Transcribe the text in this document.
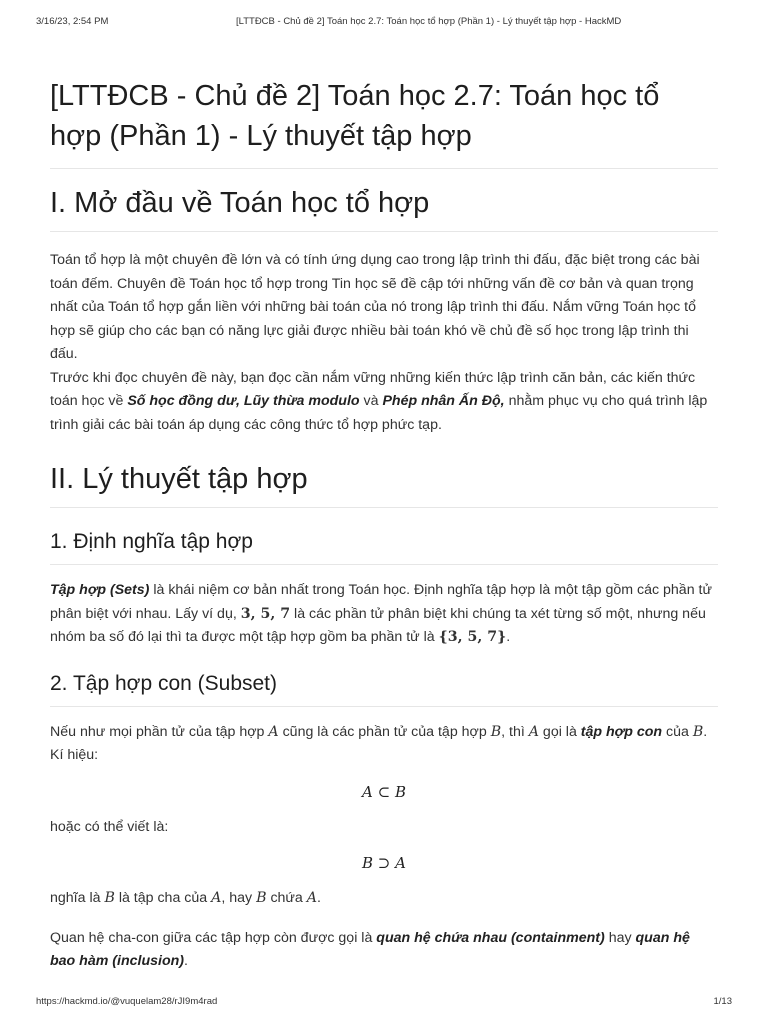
3/16/23, 2:54 PM	[LTTĐCB - Chủ đề 2] Toán học 2.7: Toán học tổ hợp (Phần 1) - Lý thuyết tập hợp - HackMD
[LTTĐCB - Chủ đề 2] Toán học 2.7: Toán học tổ
hợp (Phần 1) - Lý thuyết tập hợp
I. Mở đầu về Toán học tổ hợp

Toán tổ hợp là một chuyên đề lớn và có tính ứng dụng cao trong lập trình thi đấu, đặc biệt trong các bài toán đếm. Chuyên đề Toán học tổ hợp trong Tin học sẽ đề cập tới những vấn đề cơ bản và quan trọng nhất của Toán tổ hợp gắn liền với những bài toán của nó trong lập trình thi đấu. Nắm vững Toán học tổ hợp sẽ giúp cho các bạn có năng lực giải được nhiều bài toán khó về chủ đề số học trong lập trình thi đấu.
Trước khi đọc chuyên đề này, bạn đọc cần nắm vững những kiến thức lập trình căn bản, các kiến thức toán học về Số học đồng dư, Lũy thừa modulo và Phép nhân Ấn Độ, nhằm phục vụ cho quá trình lập trình giải các bài toán áp dụng các công thức tổ hợp phức tạp.

II. Lý thuyết tập hợp
1. Định nghĩa tập hợp

Tập hợp (Sets) là khái niệm cơ bản nhất trong Toán học. Định nghĩa tập hợp là một tập gồm các phần tử phân biệt với nhau. Lấy ví dụ, 3, 5, 7 là các phần tử phân biệt khi chúng ta xét từng số một, nhưng nếu nhóm ba số đó lại thì ta được một tập hợp gồm ba phần tử là {3, 5, 7}.

2. Tập hợp con (Subset)

Nếu như mọi phần tử của tập hợp A cũng là các phần tử của tập hợp B, thì A gọi là tập hợp con của B. Kí hiệu:

A ⊂ B

hoặc có thể viết là:

B ⊃ A

nghĩa là B là tập cha của A, hay B chứa A.

Quan hệ cha-con giữa các tập hợp còn được gọi là quan hệ chứa nhau (containment) hay quan hệ bao hàm (inclusion).

https://hackmd.io/@vuquelam28/rJI9m4rad	1/13
